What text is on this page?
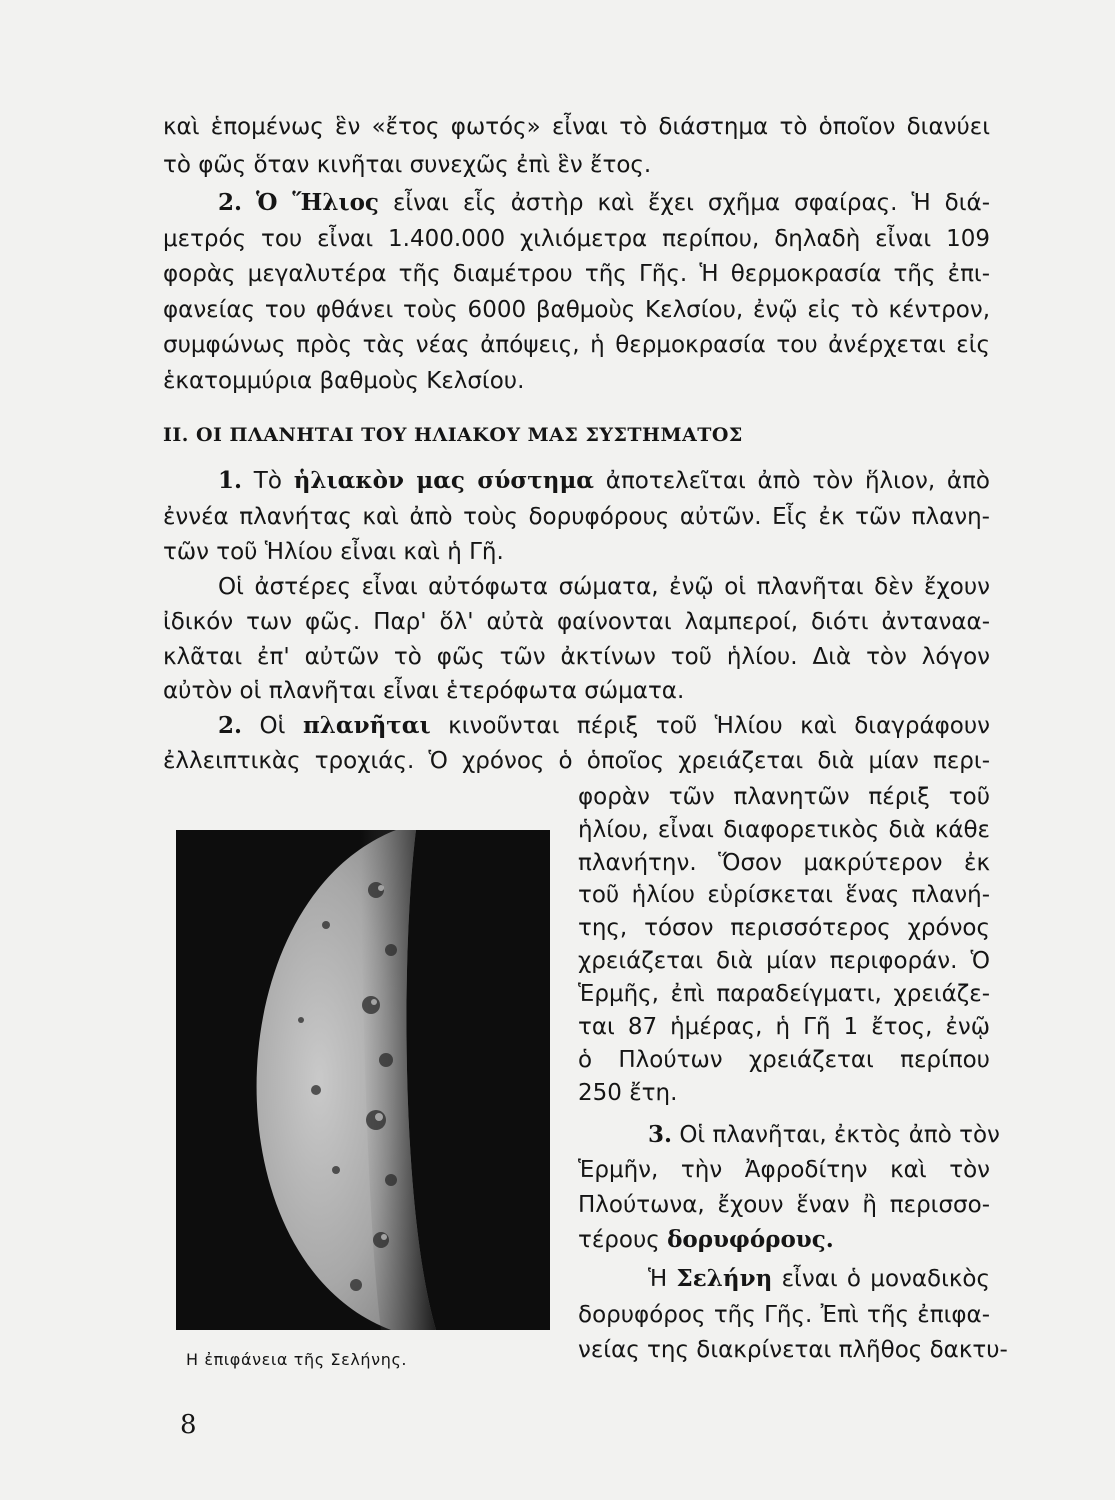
καὶ ἑπομένως ἓν «ἔτος φωτός» εἶναι τὸ διάστημα τὸ ὁποῖον διανύει
τὸ φῶς ὅταν κινῆται συνεχῶς ἐπὶ ἓν ἔτος.
2. Ὁ Ἥλιος εἶναι εἷς ἀστὴρ καὶ ἔχει σχῆμα σφαίρας. Ἡ διά-
μετρός του εἶναι 1.400.000 χιλιόμετρα περίπου, δηλαδὴ εἶναι 109
φορὰς μεγαλυτέρα τῆς διαμέτρου τῆς Γῆς. Ἡ θερμοκρασία τῆς ἐπι-
φανείας του φθάνει τοὺς 6000 βαθμοὺς Κελσίου, ἐνῷ εἰς τὸ κέντρον,
συμφώνως πρὸς τὰς νέας ἀπόψεις, ἡ θερμοκρασία του ἀνέρχεται εἰς
ἑκατομμύρια βαθμοὺς Κελσίου.
II. ΟΙ ΠΛΑΝΗΤΑΙ ΤΟΥ ΗΛΙΑΚΟΥ ΜΑΣ ΣΥΣΤΗΜΑΤΟΣ
1. Τὸ ἡλιακὸν μας σύστημα ἀποτελεῖται ἀπὸ τὸν ἥλιον, ἀπὸ
ἐννέα πλανήτας καὶ ἀπὸ τοὺς δορυφόρους αὐτῶν. Εἷς ἐκ τῶν πλανη-
τῶν τοῦ Ἡλίου εἶναι καὶ ἡ Γῆ.
Οἱ ἀστέρες εἶναι αὐτόφωτα σώματα, ἐνῷ οἱ πλανῆται δὲν ἔχουν
ἰδικόν των φῶς. Παρ' ὅλ' αὐτὰ φαίνονται λαμπεροί, διότι ἀνταναα-
κλᾶται ἐπ' αὐτῶν τὸ φῶς τῶν ἀκτίνων τοῦ ἡλίου. Διὰ τὸν λόγον
αὐτὸν οἱ πλανῆται εἶναι ἑτερόφωτα σώματα.
2. Οἱ πλανῆται κινοῦνται πέριξ τοῦ Ἡλίου καὶ διαγράφουν
ἐλλειπτικὰς τροχιάς. Ὁ χρόνος ὁ ὁποῖος χρειάζεται διὰ μίαν περι-
φορὰν τῶν πλανητῶν πέριξ τοῦ
ἡλίου, εἶναι διαφορετικὸς διὰ κάθε
πλανήτην. Ὅσον μακρύτερον ἐκ
τοῦ ἡλίου εὑρίσκεται ἕνας πλανή-
της, τόσον περισσότερος χρόνος
χρειάζεται διὰ μίαν περιφοράν. Ὁ
Ἑρμῆς, ἐπὶ παραδείγματι, χρειάζε-
ται 87 ἡμέρας, ἡ Γῆ 1 ἔτος, ἐνῷ
ὁ Πλούτων χρειάζεται περίπου
250 ἔτη.
3. Οἱ πλανῆται, ἐκτὸς ἀπὸ τὸν
Ἑρμῆν, τὴν Ἀφροδίτην καὶ τὸν
Πλούτωνα, ἔχουν ἕναν ἢ περισσο-
τέρους δορυφόρους.
Ἡ Σελήνη εἶναι ὁ μοναδικὸς
δορυφόρος τῆς Γῆς. Ἐπὶ τῆς ἐπιφα-
νείας της διακρίνεται πλῆθος δακτυ-
Η ἐπιφάνεια τῆς Σελήνης.
8
